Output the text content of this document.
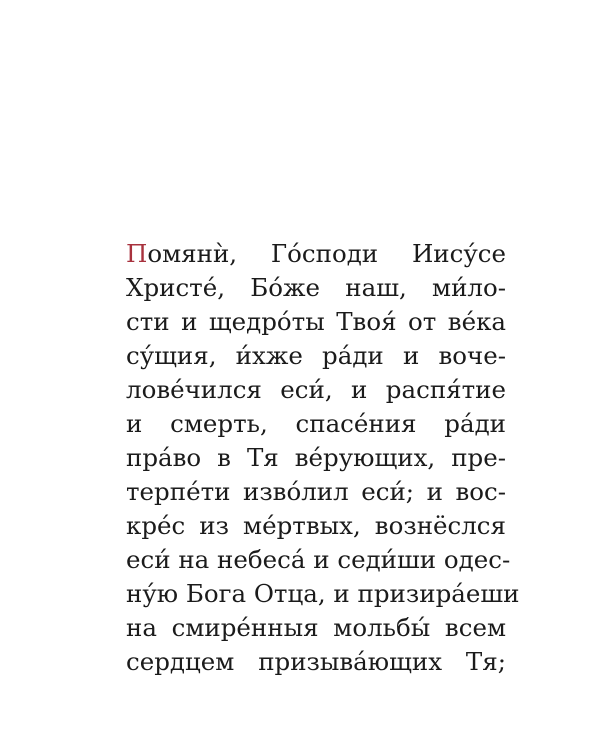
Помянѝ, Го́споди Иису́се
Христе́, Бо́же наш, ми́ло-
сти и щедро́ты Твоя́ от ве́ка
су́щия, и́хже ра́ди и воче-
лове́чился еси́, и распя́тие
и смерть, спасе́ния ра́ди
пра́во в Тя ве́рующих, пре-
терпе́ти изво́лил еси́; и вос-
кре́с из ме́ртвых, вознёслся
еси́ на небеса́ и седи́ши одес-
ну́ю Бога Отца, и призира́еши
на смире́нныя мольбы́ всем
сердцем призыва́ющих Тя;
